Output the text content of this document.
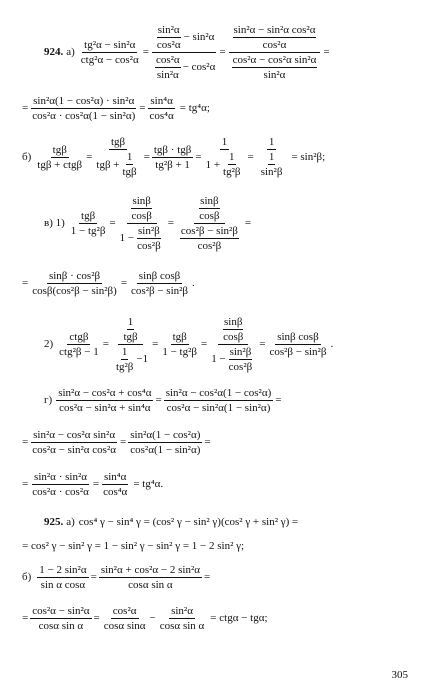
924. $а) \frac{\text{tg²α − sin²α}}{\text{ctg²α − cos²α}} = \frac{\frac{\text{sin²α}}{\text{cos²α}} - \sin^2\alpha}{\frac{\text{cos²α}}{\text{sin²α}} - \cos^2\alpha} = \frac{\frac{\text{sin²α − sin²α cos²α}}{\text{cos²α}}}{\frac{\text{cos²α − cos²α sin²α}}{\text{sin²α}}}$ =
= $\frac{\text{sin²α(1 − cos²α) · sin²α}}{\text{cos²α · cos²α(1 − sin²α)}} = \frac{\text{sin⁴α}}{\text{cos⁴α}} = tg^4\alpha$;
$б) \frac{\text{tgβ}}{\text{tgβ + ctgβ}} = \frac{\text{tgβ}}{tg\beta + \frac{1}{\text{tgβ}}} = \frac{\text{tgβ · tgβ}}{\text{tg²β + 1}} = \frac{1}{1 + \frac{1}{\text{tg²β}}} = \frac{1}{\frac{1}{\text{sin²β}}} = \sin^2\beta$;
в) $1) \frac{\text{tgβ}}{\text{1 − tg²β}} = \frac{\frac{\sin\beta}{\cos\beta}}{1 - \frac{\text{sin²β}}{\text{cos²β}}} = \frac{\frac{\sin\beta}{\cos\beta}}{\frac{\text{cos²β − sin²β}}{\text{cos²β}}}$ =
= $\frac{\text{sinβ · cos²β}}{\text{cosβ(cos²β − sin²β)}} = \frac{\text{sinβ cosβ}}{\text{cos²β − sin²β}}$ .
$2) \frac{\text{ctgβ}}{\text{ctg²β − 1}} = \frac{\frac{1}{\text{tgβ}}}{\frac{1}{\text{tg²β}} -1} = \frac{\text{tgβ}}{\text{1 − tg²β}} = \frac{\frac{\sin\beta}{\cos\beta}}{1 - \frac{\text{sin²β}}{\text{cos²β}}} = \frac{\text{sinβ cosβ}}{\text{cos²β − sin²β}}$ .
$г) \frac{\text{sin²α − cos²α + cos⁴α}}{\text{cos²α − sin²α + sin⁴α}} = \frac{\text{sin²α − cos²α(1 − cos²α)}}{\text{cos²α − sin²α(1 − sin²α)}}$ =
= $\frac{\text{sin²α − cos²α sin²α}}{\text{cos²α − sin²α cos²α}} = \frac{\text{sin²α(1 − cos²α)}}{\text{cos²α(1 − sin²α)}}$ =
= $\frac{\text{sin²α · sin²α}}{\text{cos²α · cos²α}} = \frac{\text{sin⁴α}}{\text{cos⁴α}} = tg^4\alpha$.
925. а) cos⁴ γ − sin⁴ γ = (cos² γ − sin² γ)(cos² γ + sin² γ) =
= cos² γ − sin² γ = 1 − sin² γ − sin² γ = 1 − 2 sin² γ;
$б) \frac{\text{1 − 2 sin²α}}{\text{sin α cosα}} = \frac{\text{sin²α + cos²α − 2 sin²α}}{\text{cosα sin α}}$ =
= $\frac{\text{cos²α − sin²α}}{\text{cosα sin α}} = \frac{\text{cos²α}}{\text{cosα sinα}} - \frac{\text{sin²α}}{\text{cosα sin α}} = ctg\alpha - tg\alpha$;
305
